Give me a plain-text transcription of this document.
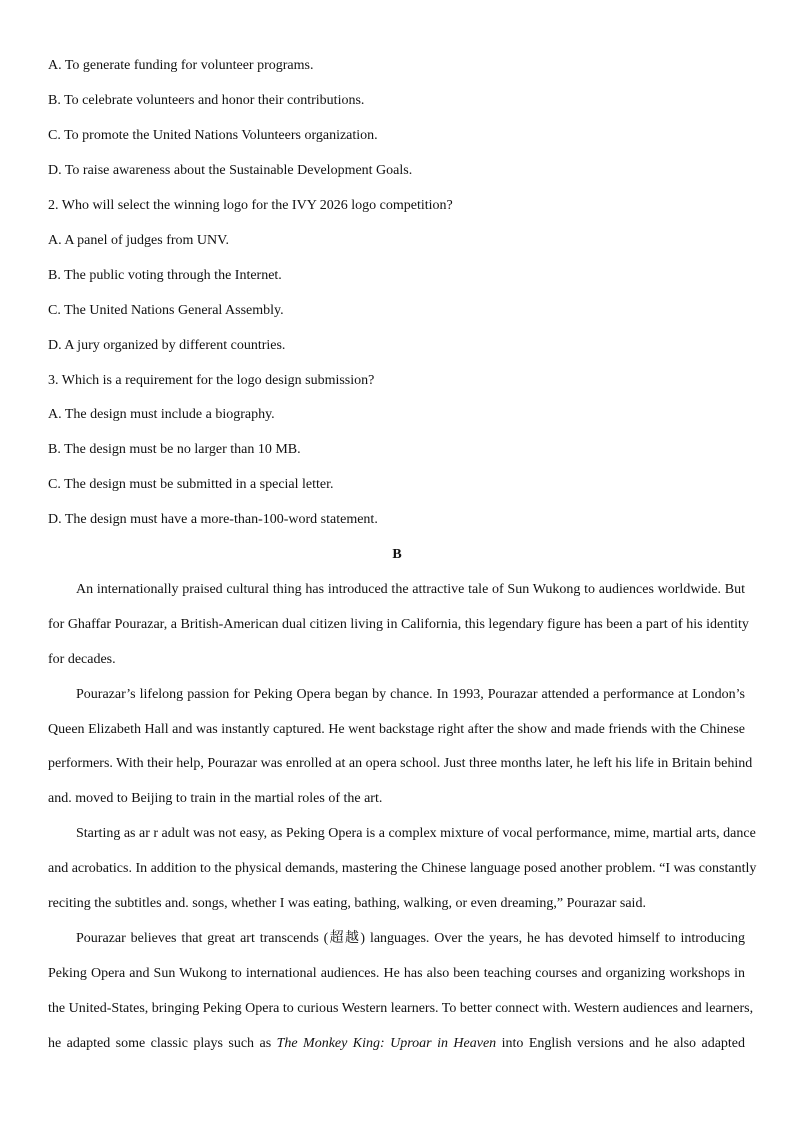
A. To generate funding for volunteer programs.
B. To celebrate volunteers and honor their contributions.
C. To promote the United Nations Volunteers organization.
D. To raise awareness about the Sustainable Development Goals.
2. Who will select the winning logo for the IVY 2026 logo competition?
A. A panel of judges from UNV.
B. The public voting through the Internet.
C. The United Nations General Assembly.
D. A jury organized by different countries.
3. Which is a requirement for the logo design submission?
A. The design must include a biography.
B. The design must be no larger than 10 MB.
C. The design must be submitted in a special letter.
D. The design must have a more-than-100-word statement.
B
An internationally praised cultural thing has introduced the attractive tale of Sun Wukong to audiences worldwide. But
for Ghaffar Pourazar, a British-American dual citizen living in California, this legendary figure has been a part of his identity
for decades.
Pourazar’s lifelong passion for Peking Opera began by chance. In 1993, Pourazar attended a performance at London’s
Queen Elizabeth Hall and was instantly captured. He went backstage right after the show and made friends with the Chinese
performers. With their help, Pourazar was enrolled at an opera school. Just three months later, he left his life in Britain behind
and. moved to Beijing to train in the martial roles of the art.
Starting as ar r adult was not easy, as Peking Opera is a complex mixture of vocal performance, mime, martial arts, dance
and acrobatics. In addition to the physical demands, mastering the Chinese language posed another problem. “I was constantly
reciting the subtitles and. songs, whether I was eating, bathing, walking, or even dreaming,” Pourazar said.
Pourazar believes that great art transcends (超越) languages. Over the years, he has devoted himself to introducing
Peking Opera and Sun Wukong to international audiences. He has also been teaching courses and organizing workshops in
the United-States, bringing Peking Opera to curious Western learners. To better connect with. Western audiences and learners,
he adapted some classic plays such as The Monkey King: Uproar in Heaven into English versions and he also adapted
